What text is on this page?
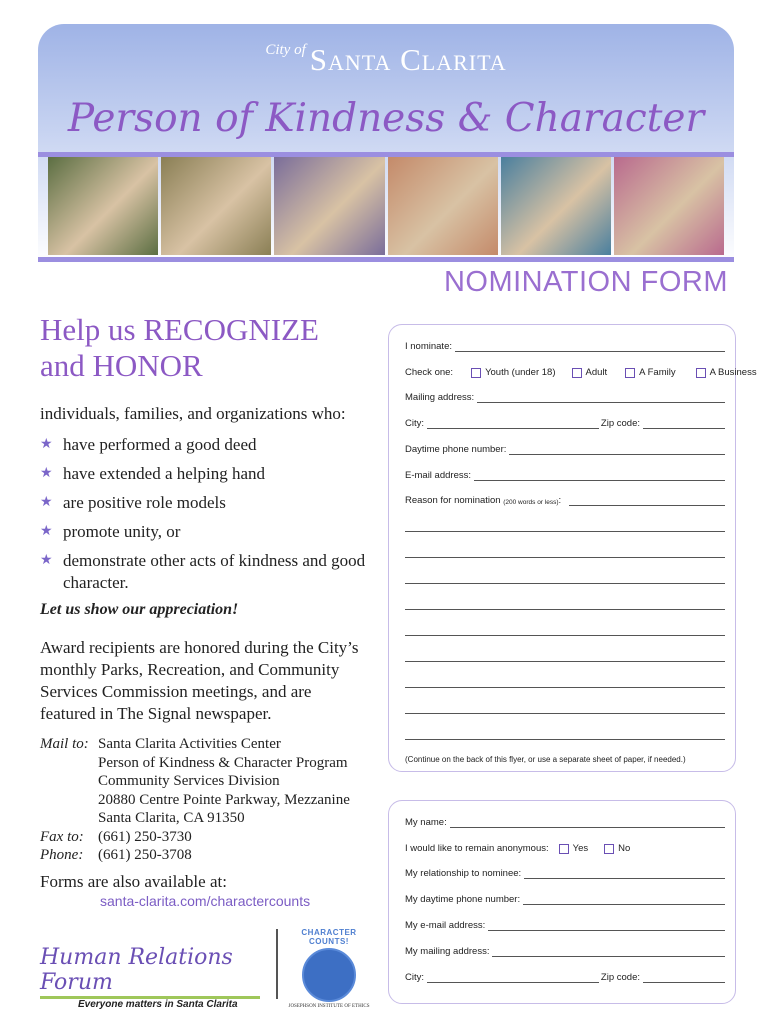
City of Santa Clarita
Person of Kindness & Character
NOMINATION FORM

Help us RECOGNIZE
and HONOR

individuals, families, and organizations who:

★ have performed a good deed
★ have extended a helping hand
★ are positive role models
★ promote unity, or
★ demonstrate other acts of kindness and good character.

Let us show our appreciation!

Award recipients are honored during the City’s monthly Parks, Recreation, and Community Services Commission meetings, and are featured in The Signal newspaper.

Mail to: Santa Clarita Activities Center
Person of Kindness & Character Program
Community Services Division
20880 Centre Pointe Parkway, Mezzanine
Santa Clarita, CA 91350
Fax to: (661) 250-3730
Phone: (661) 250-3708
Forms are also available at:
santa-clarita.com/charactercounts
Human Relations Forum
Everyone matters in Santa Clarita
CHARACTER COUNTS!
JOSEPHSON INSTITUTE OF ETHICS
I nominate:
Check one:	Youth (under 18)	Adult	A Family	A Business
Mailing address:
City:	Zip code:
Daytime phone number:
E-mail address:
Reason for nomination
(200 words or less) :
(Continue on the back of this flyer, or use a separate sheet of paper, if needed.)
My name:
I would like to remain anonymous:	Yes	No
My relationship to nominee:
My daytime phone number:
My e-mail address:
My mailing address:
City:	Zip code:
